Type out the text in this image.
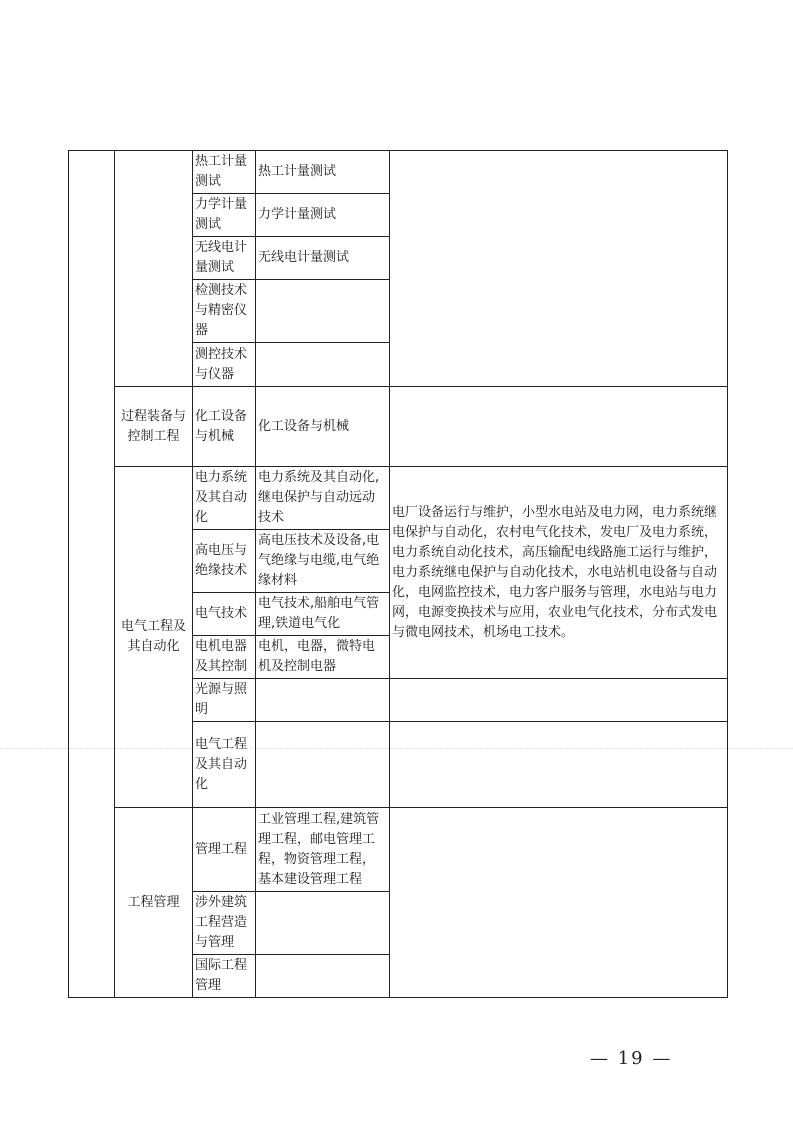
		热工计量测试	热工计量测试	
		力学计量测试	力学计量测试	
		无线电计量测试	无线电计量测试	
		检测技术与精密仪器		
		测控技术与仪器		
	过程装备与控制工程	化工设备与机械	化工设备与机械	
	电气工程及其自动化	电力系统及其自动化	电力系统及其自动化,继电保护与自动远动技术	电厂设备运行与维护，小型水电站及电力网，电力系统继电保护与自动化，农村电气化技术，发电厂及电力系统，电力系统自动化技术，高压输配电线路施工运行与维护，电力系统继电保护与自动化技术，水电站机电设备与自动化，电网监控技术，电力客户服务与管理，水电站与电力网，电源变换技术与应用，农业电气化技术，分布式发电与微电网技术，机场电工技术。
		高电压与绝缘技术	高电压技术及设备,电气绝缘与电缆,电气绝缘材料	
		电气技术	电气技术,船舶电气管理,铁道电气化	
		电机电器及其控制	电机，电器，微特电机及控制电器	
		光源与照明		
		电气工程及其自动化		
	工程管理	管理工程	工业管理工程,建筑管理工程，邮电管理工程，物资管理工程，基本建设管理工程	
		涉外建筑工程营造与管理		
		国际工程管理		
— 19 —
